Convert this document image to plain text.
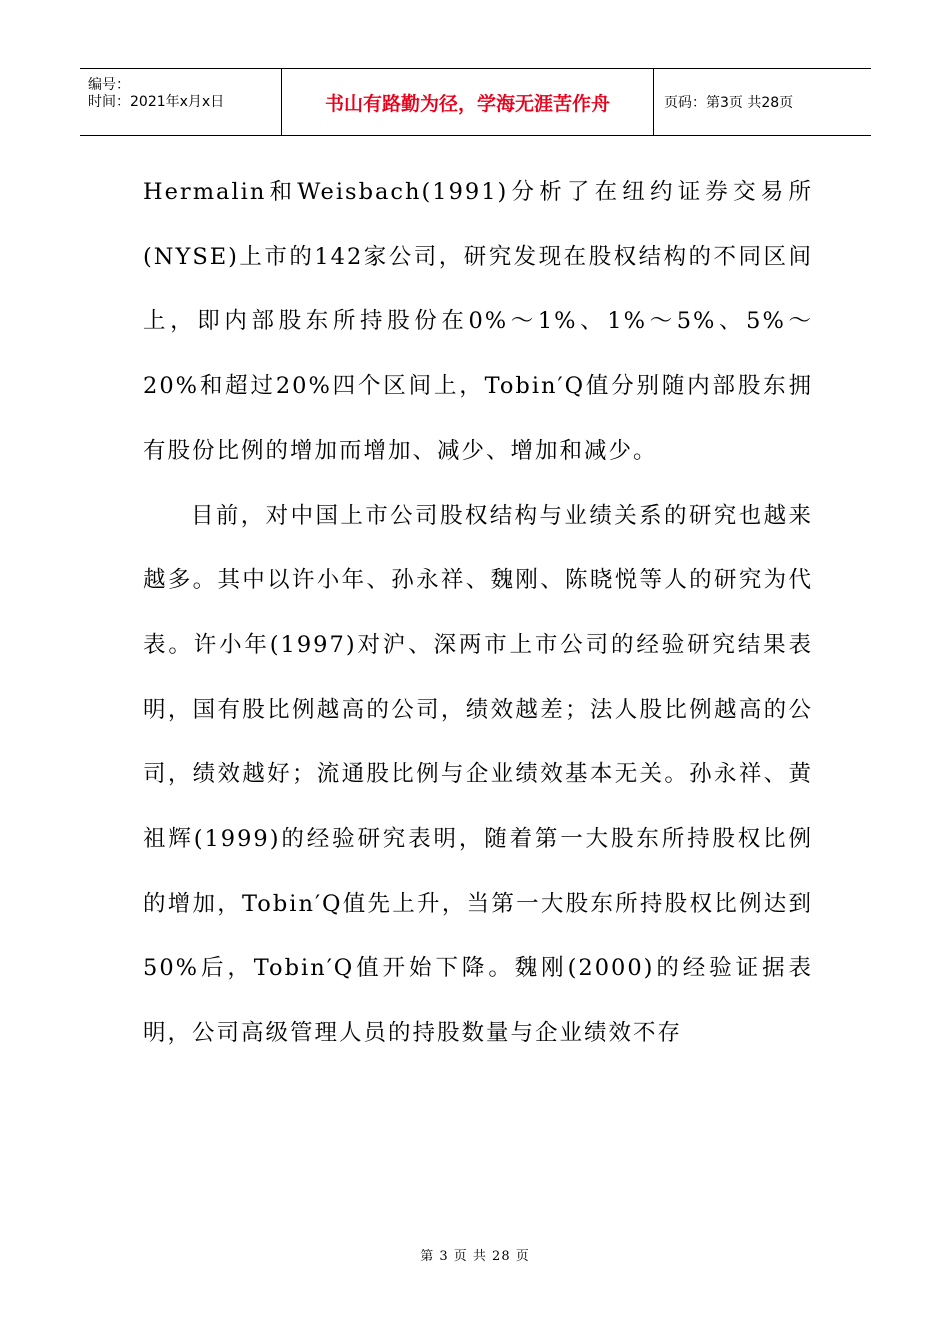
编号：
时间：2021年x月x日	书山有路勤为径，学海无涯苦作舟	页码：第3页 共28页

Hermalin和Weisbach(1991)分析了在纽约证券交易所(NYSE)上市的142家公司，研究发现在股权结构的不同区间上，即内部股东所持股份在0%～1%、1%～5%、5%～20%和超过20%四个区间上，Tobin′Q值分别随内部股东拥有股份比例的增加而增加、减少、增加和减少。

目前，对中国上市公司股权结构与业绩关系的研究也越来越多。其中以许小年、孙永祥、魏刚、陈晓悦等人的研究为代表。许小年(1997)对沪、深两市上市公司的经验研究结果表明，国有股比例越高的公司，绩效越差；法人股比例越高的公司，绩效越好；流通股比例与企业绩效基本无关。孙永祥、黄祖辉(1999)的经验研究表明，随着第一大股东所持股权比例的增加，Tobin′Q值先上升，当第一大股东所持股权比例达到50%后，Tobin′Q值开始下降。魏刚(2000)的经验证据表明，公司高级管理人员的持股数量与企业绩效不存

第 3 页 共 28 页
